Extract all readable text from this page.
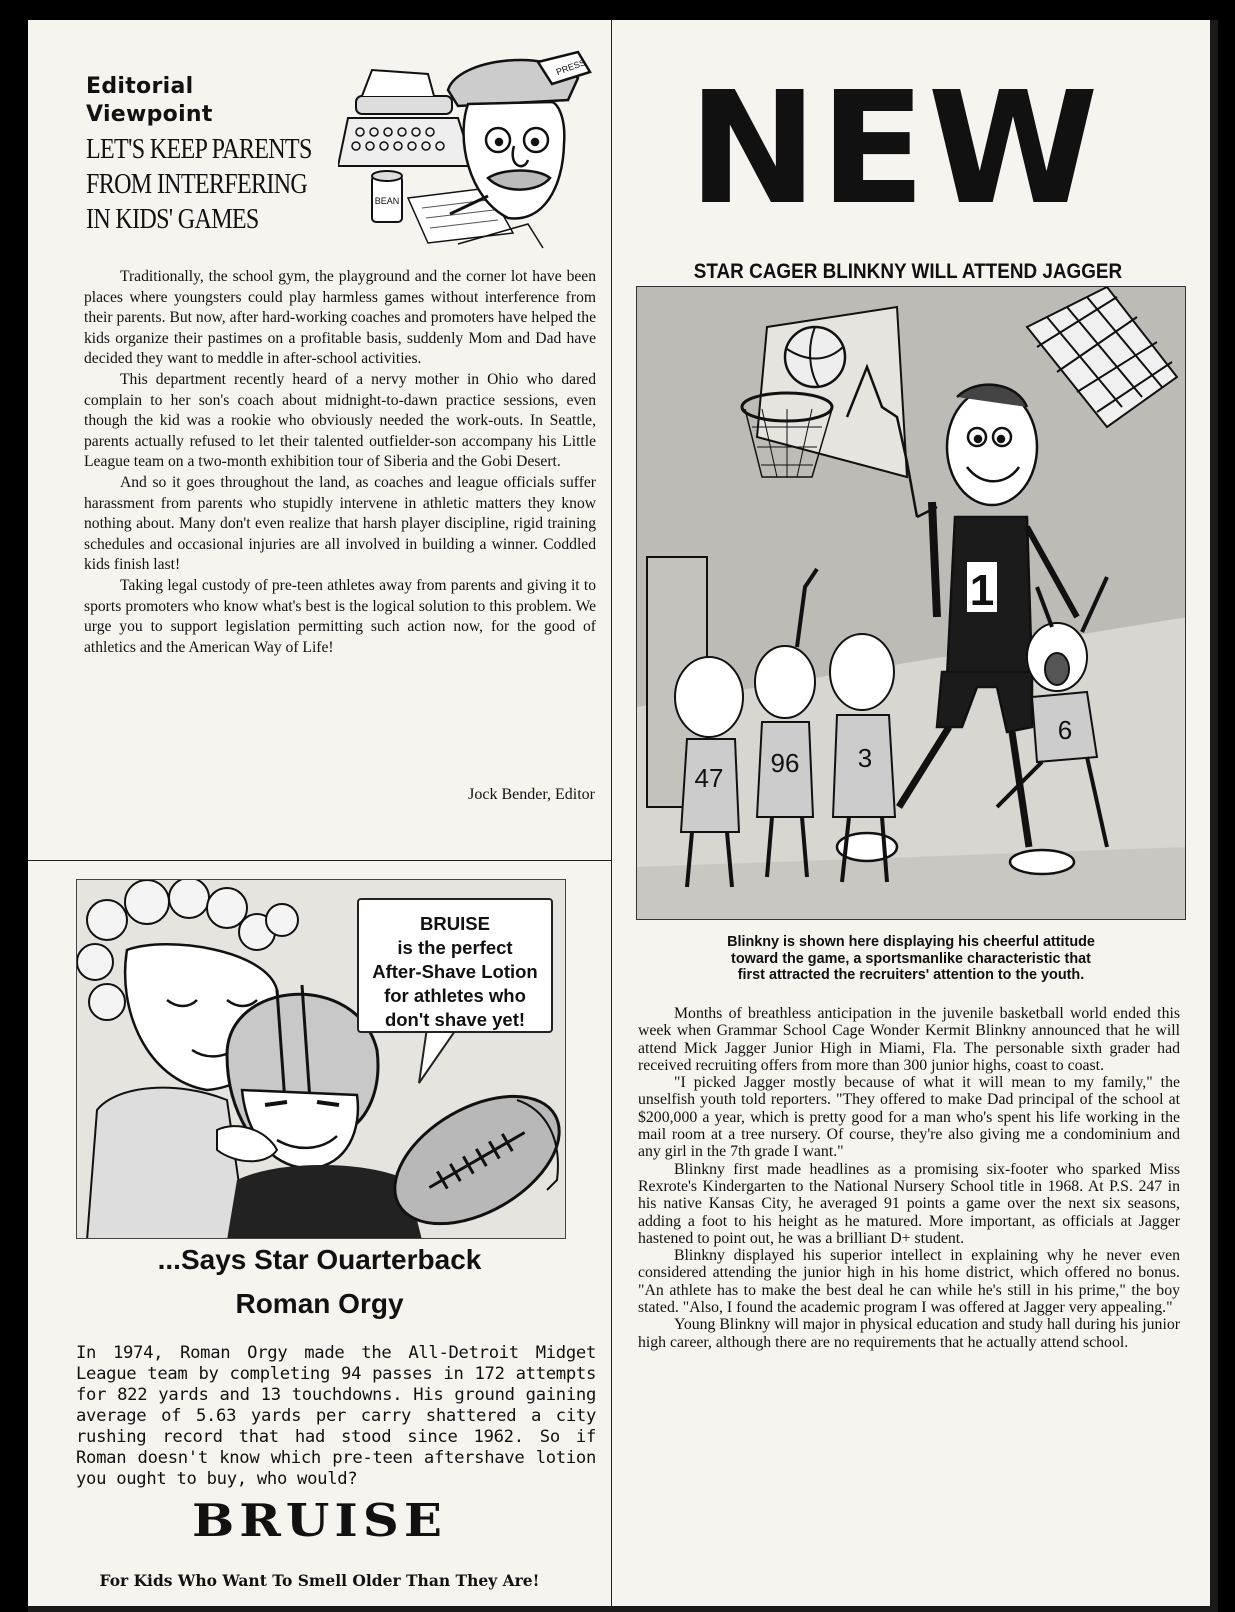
Editorial
Viewpoint
LET'S KEEP PARENTS
FROM INTERFERING
IN KIDS' GAMES
BEAN
PRESS

Traditionally, the school gym, the playground and the corner lot have been places where youngsters could play harmless games without interference from their parents. But now, after hard-working coaches and promoters have helped the kids organize their pastimes on a profitable basis, suddenly Mom and Dad have decided they want to meddle in after-school activities.

This department recently heard of a nervy mother in Ohio who dared complain to her son's coach about midnight-to-dawn practice sessions, even though the kid was a rookie who obviously needed the work-outs. In Seattle, parents actually refused to let their talented outfielder-son accompany his Little League team on a two-month exhibition tour of Siberia and the Gobi Desert.

And so it goes throughout the land, as coaches and league officials suffer harassment from parents who stupidly intervene in athletic matters they know nothing about. Many don't even realize that harsh player discipline, rigid training schedules and occasional injuries are all involved in building a winner. Coddled kids finish last!

Taking legal custody of pre-teen athletes away from parents and giving it to sports promoters who know what's best is the logical solution to this problem. We urge you to support legislation permitting such action now, for the good of athletics and the American Way of Life!

Jock Bender, Editor
BRUISE
is the perfect
After-Shave Lotion
for athletes who
don't shave yet!
...Says Star Ouarterback
Roman Orgy
In 1974, Roman Orgy made the All-Detroit Midget League team by completing 94 passes in 172 attempts for 822 yards and 13 touchdowns. His ground gaining average of 5.63 yards per carry shattered a city rushing record that had stood since 1962. So if Roman doesn't know which pre-teen aftershave lotion you ought to buy, who would?
BRUISE
For Kids Who Want To Smell Older Than They Are!
NEW
STAR CAGER BLINKNY WILL ATTEND JAGGER
1
47 96 3
6
Blinkny is shown here displaying his cheerful attitude
toward the game, a sportsmanlike characteristic that
first attracted the recruiters' attention to the youth.

Months of breathless anticipation in the juvenile basketball world ended this week when Grammar School Cage Wonder Kermit Blinkny announced that he will attend Mick Jagger Junior High in Miami, Fla. The personable sixth grader had received recruiting offers from more than 300 junior highs, coast to coast.

"I picked Jagger mostly because of what it will mean to my family," the unselfish youth told reporters. "They offered to make Dad principal of the school at $200,000 a year, which is pretty good for a man who's spent his life working in the mail room at a tree nursery. Of course, they're also giving me a condominium and any girl in the 7th grade I want."

Blinkny first made headlines as a promising six-footer who sparked Miss Rexrote's Kindergarten to the National Nursery School title in 1968. At P.S. 247 in his native Kansas City, he averaged 91 points a game over the next six seasons, adding a foot to his height as he matured. More important, as officials at Jagger hastened to point out, he was a brilliant D+ student.

Blinkny displayed his superior intellect in explaining why he never even considered attending the junior high in his home district, which offered no bonus. "An athlete has to make the best deal he can while he's still in his prime," the boy stated. "Also, I found the academic program I was offered at Jagger very appealing."

Young Blinkny will major in physical education and study hall during his junior high career, although there are no requirements that he actually attend school.
